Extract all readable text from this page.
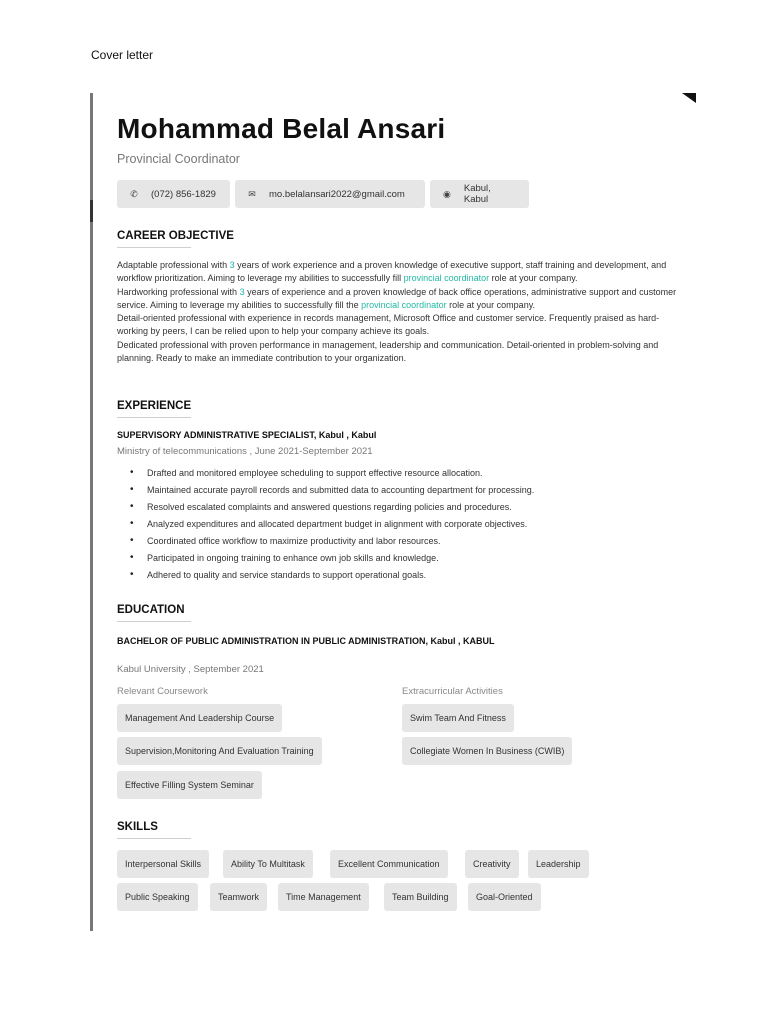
Cover letter
Mohammad Belal Ansari
Provincial Coordinator
✆ (072) 856-1829	✉ mo.belalansari2022@gmail.com	◉ Kabul, Kabul
CAREER OBJECTIVE

Adaptable professional with 3 years of work experience and a proven knowledge of executive support, staff training and development, and workflow prioritization. Aiming to leverage my abilities to successfully fill provincial coordinator role at your company.

Hardworking professional with 3 years of experience and a proven knowledge of back office operations, administrative support and customer service. Aiming to leverage my abilities to successfully fill the provincial coordinator role at your company.

Detail-oriented professional with experience in records management, Microsoft Office and customer service. Frequently praised as hard-working by peers, I can be relied upon to help your company achieve its goals.

Dedicated professional with proven performance in management, leadership and communication. Detail-oriented in problem-solving and planning. Ready to make an immediate contribution to your organization.

EXPERIENCE
SUPERVISORY ADMINISTRATIVE SPECIALIST, Kabul , Kabul
Ministry of telecommunications , June 2021-September 2021
• Drafted and monitored employee scheduling to support effective resource allocation.
• Maintained accurate payroll records and submitted data to accounting department for processing.
• Resolved escalated complaints and answered questions regarding policies and procedures.
• Analyzed expenditures and allocated department budget in alignment with corporate objectives.
• Coordinated office workflow to maximize productivity and labor resources.
• Participated in ongoing training to enhance own job skills and knowledge.
• Adhered to quality and service standards to support operational goals.
EDUCATION
BACHELOR OF PUBLIC ADMINISTRATION IN PUBLIC ADMINISTRATION, Kabul , KABUL
Kabul University , September 2021
Relevant Coursework	Extracurricular Activities
Management And Leadership Course
Supervision,Monitoring And Evaluation Training
Effective Filling System Seminar
Swim Team And Fitness
Collegiate Women In Business (CWIB)
SKILLS
Interpersonal Skills	Ability To Multitask	Excellent Communication	Creativity	Leadership
Public Speaking	Teamwork	Time Management	Team Building	Goal-Oriented
